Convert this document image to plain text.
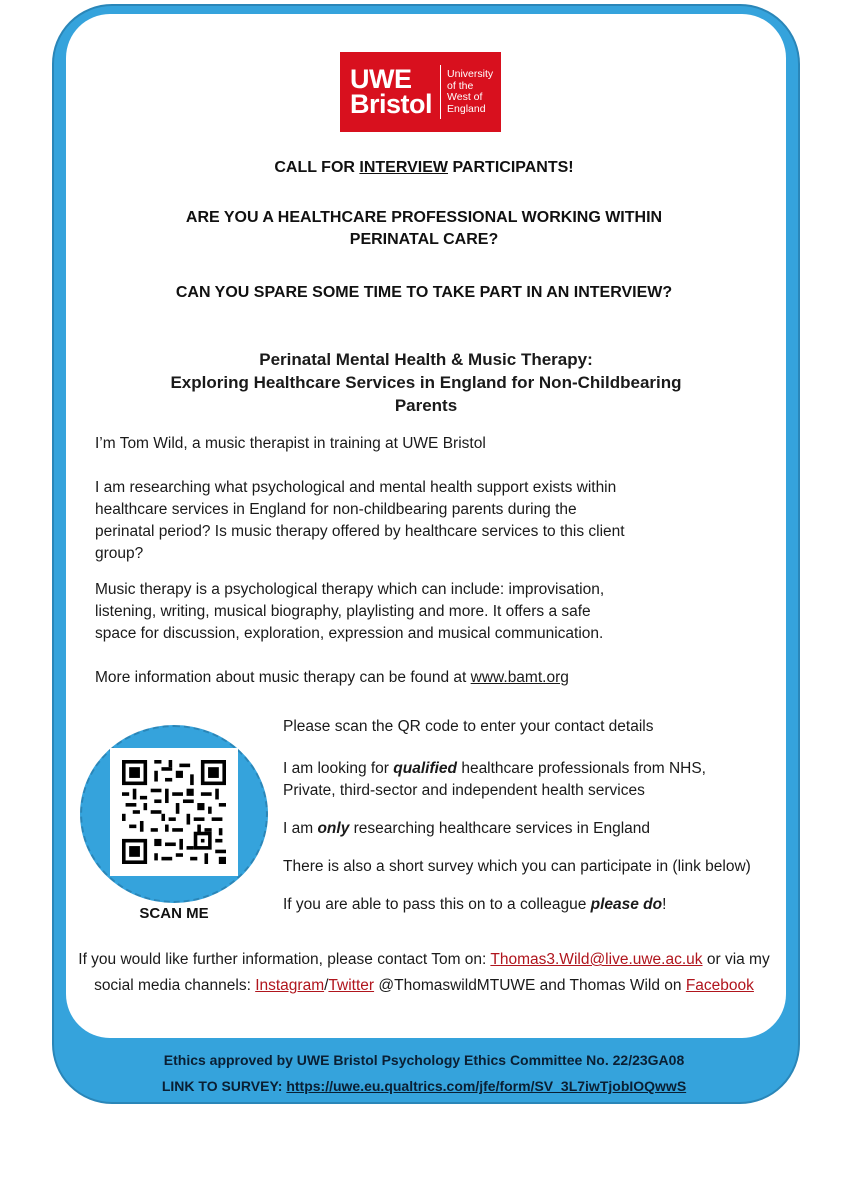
UWE
Bristol
University
of the
West of
England
CALL FOR INTERVIEW PARTICIPANTS!
ARE YOU A HEALTHCARE PROFESSIONAL WORKING WITHIN PERINATAL CARE?
CAN YOU SPARE SOME TIME TO TAKE PART IN AN INTERVIEW?
Perinatal Mental Health & Music Therapy:
Exploring Healthcare Services in England for Non-Childbearing Parents
I’m Tom Wild, a music therapist in training at UWE Bristol
I am researching what psychological and mental health support exists within healthcare services in England for non-childbearing parents during the perinatal period? Is music therapy offered by healthcare services to this client group?
Music therapy is a psychological therapy which can include: improvisation, listening, writing, musical biography, playlisting and more. It offers a safe space for discussion, exploration, expression and musical communication.
More information about music therapy can be found at www.bamt.org
SCAN ME
Please scan the QR code to enter your contact details
I am looking for qualified healthcare professionals from NHS, Private, third-sector and independent health services
I am only researching healthcare services in England
There is also a short survey which you can participate in (link below)
If you are able to pass this on to a colleague please do!
If you would like further information, please contact Tom on: Thomas3.Wild@live.uwe.ac.uk or via my social media channels: Instagram/Twitter @ThomaswildMTUWE and Thomas Wild on Facebook
Ethics approved by UWE Bristol Psychology Ethics Committee No. 22/23GA08
LINK TO SURVEY: https://uwe.eu.qualtrics.com/jfe/form/SV_3L7iwTjobIOQwwS
